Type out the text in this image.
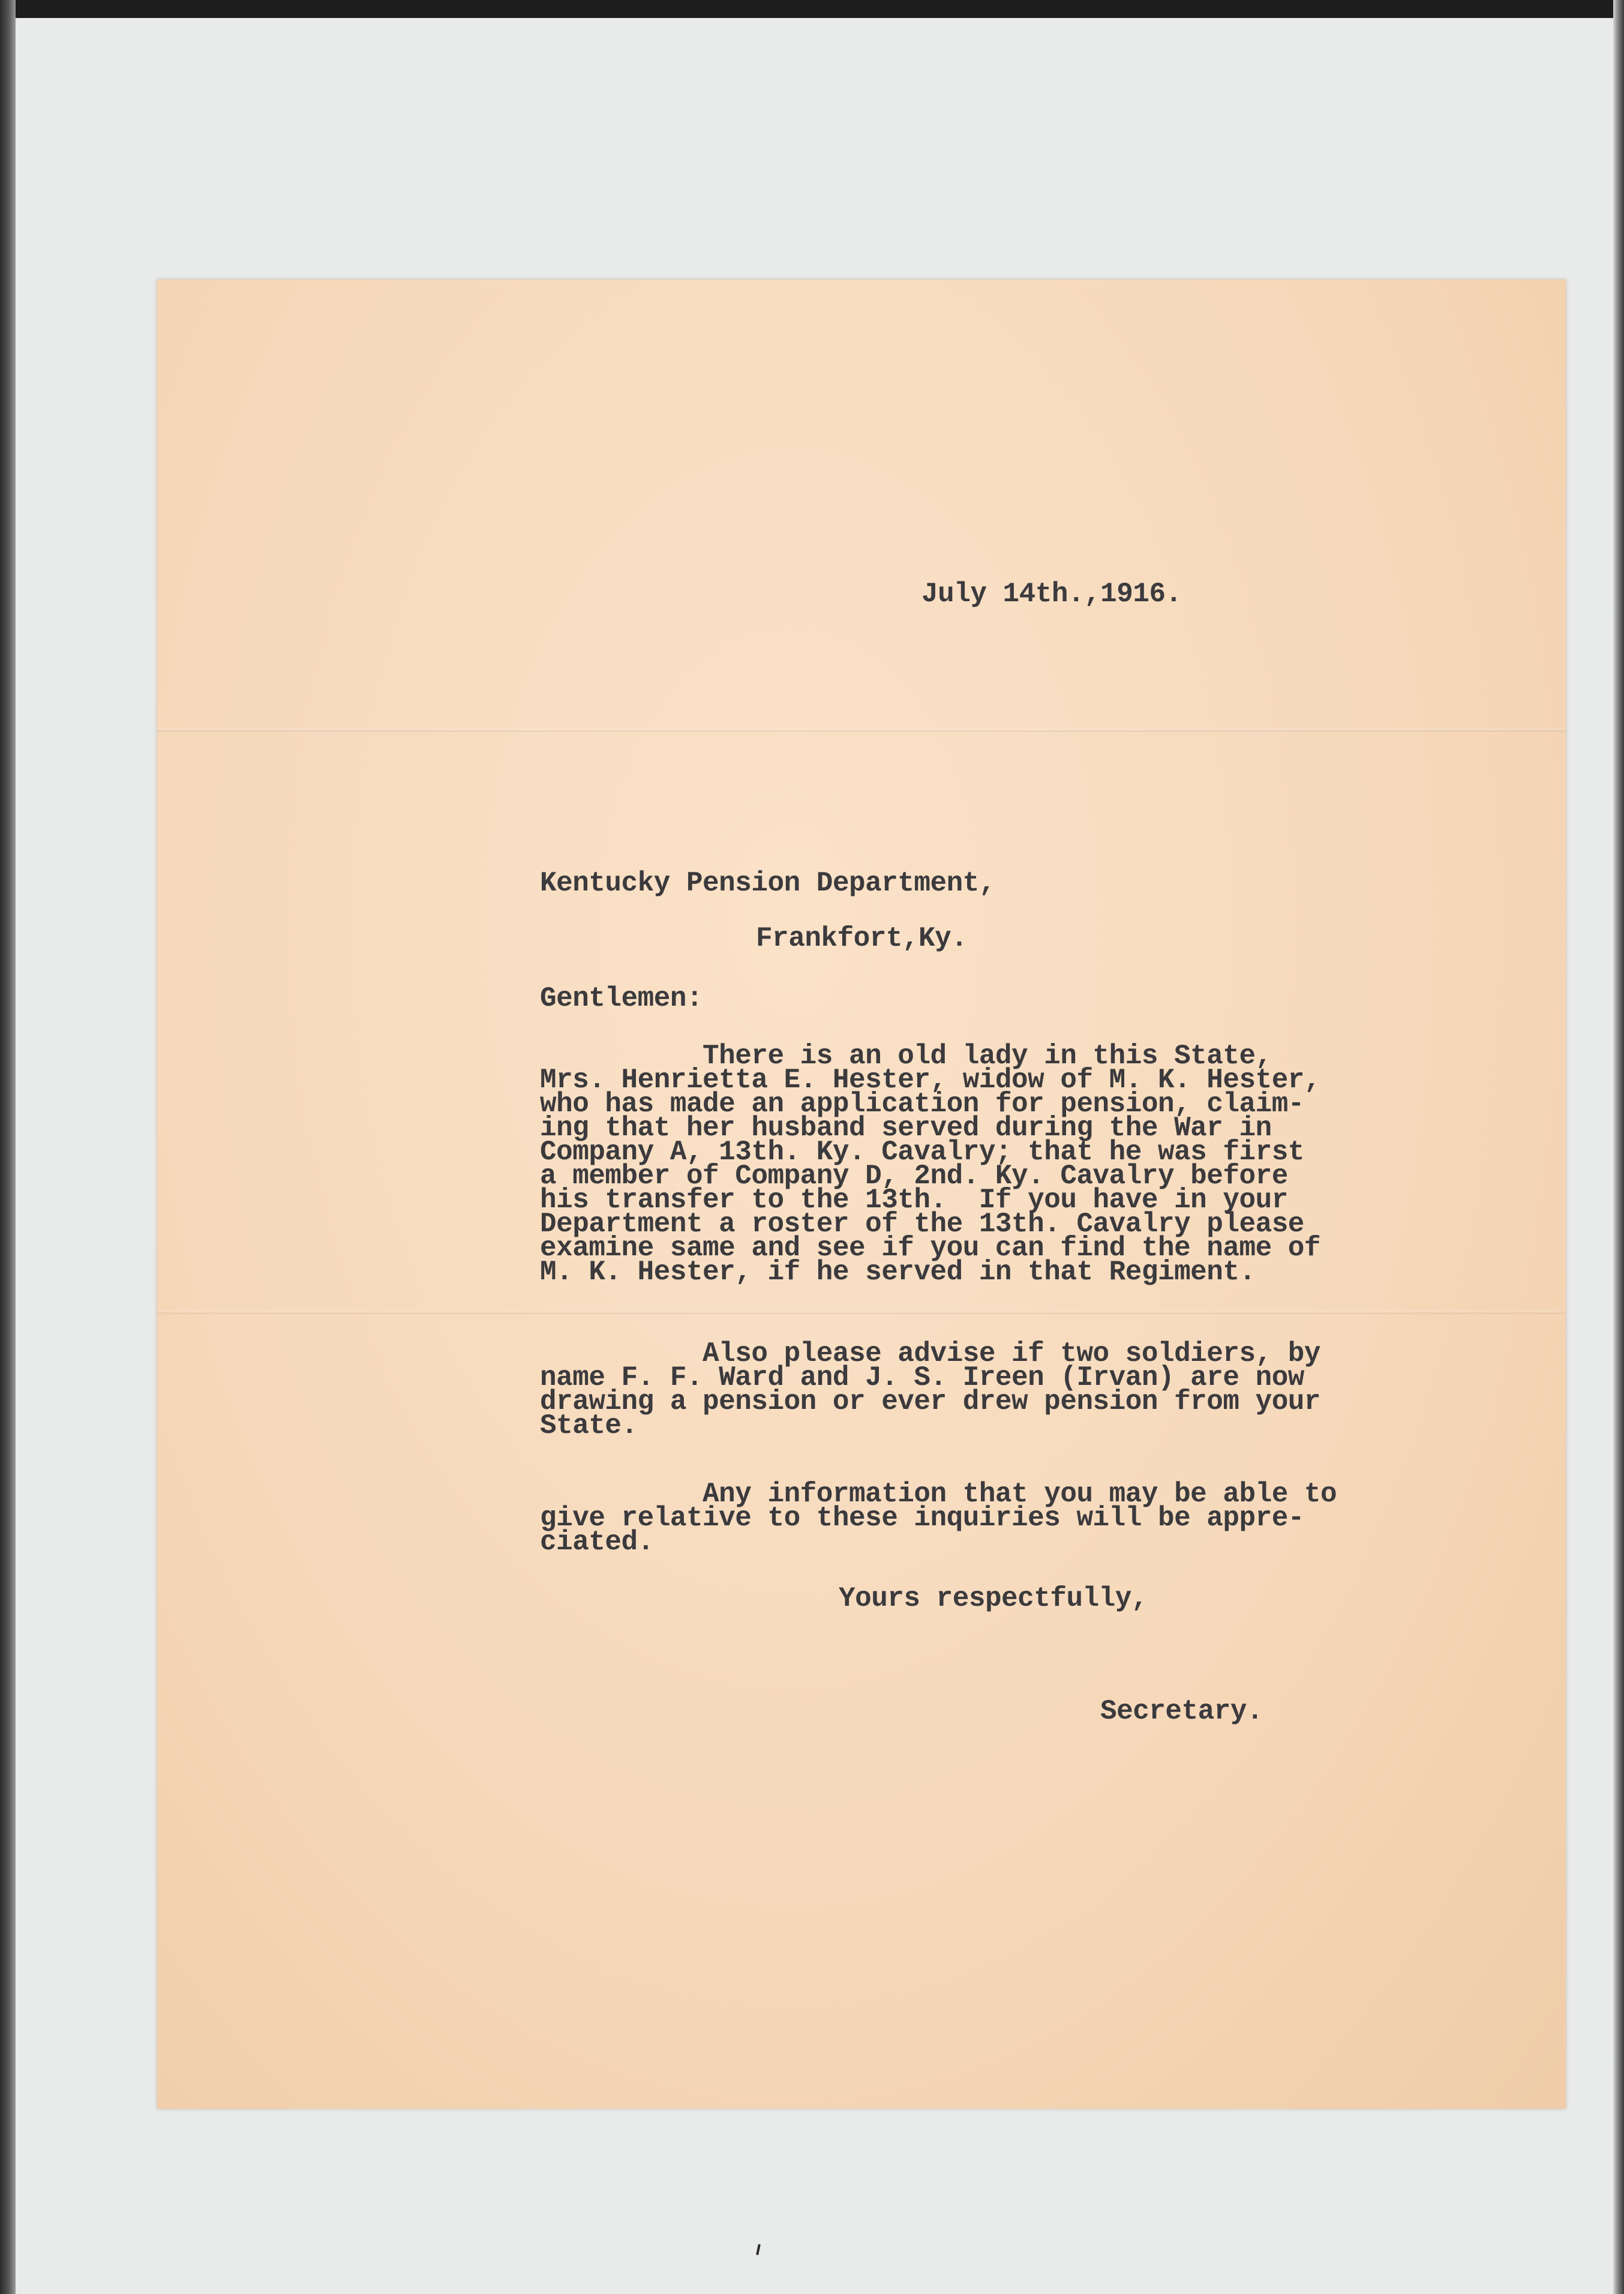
July 14th.,1916.
Kentucky Pension Department,
Frankfort,Ky.
Gentlemen:
There is an old lady in this State,
Mrs. Henrietta E. Hester, widow of M. K. Hester,
who has made an application for pension, claim-
ing that her husband served during the War in
Company A, 13th. Ky. Cavalry; that he was first
a member of Company D, 2nd. Ky. Cavalry before
his transfer to the 13th.  If you have in your
Department a roster of the 13th. Cavalry please
examine same and see if you can find the name of
M. K. Hester, if he served in that Regiment.
Also please advise if two soldiers, by
name F. F. Ward and J. S. Ireen (Irvan) are now
drawing a pension or ever drew pension from your
State.
Any information that you may be able to
give relative to these inquiries will be appre-
ciated.
Yours respectfully,
Secretary.
